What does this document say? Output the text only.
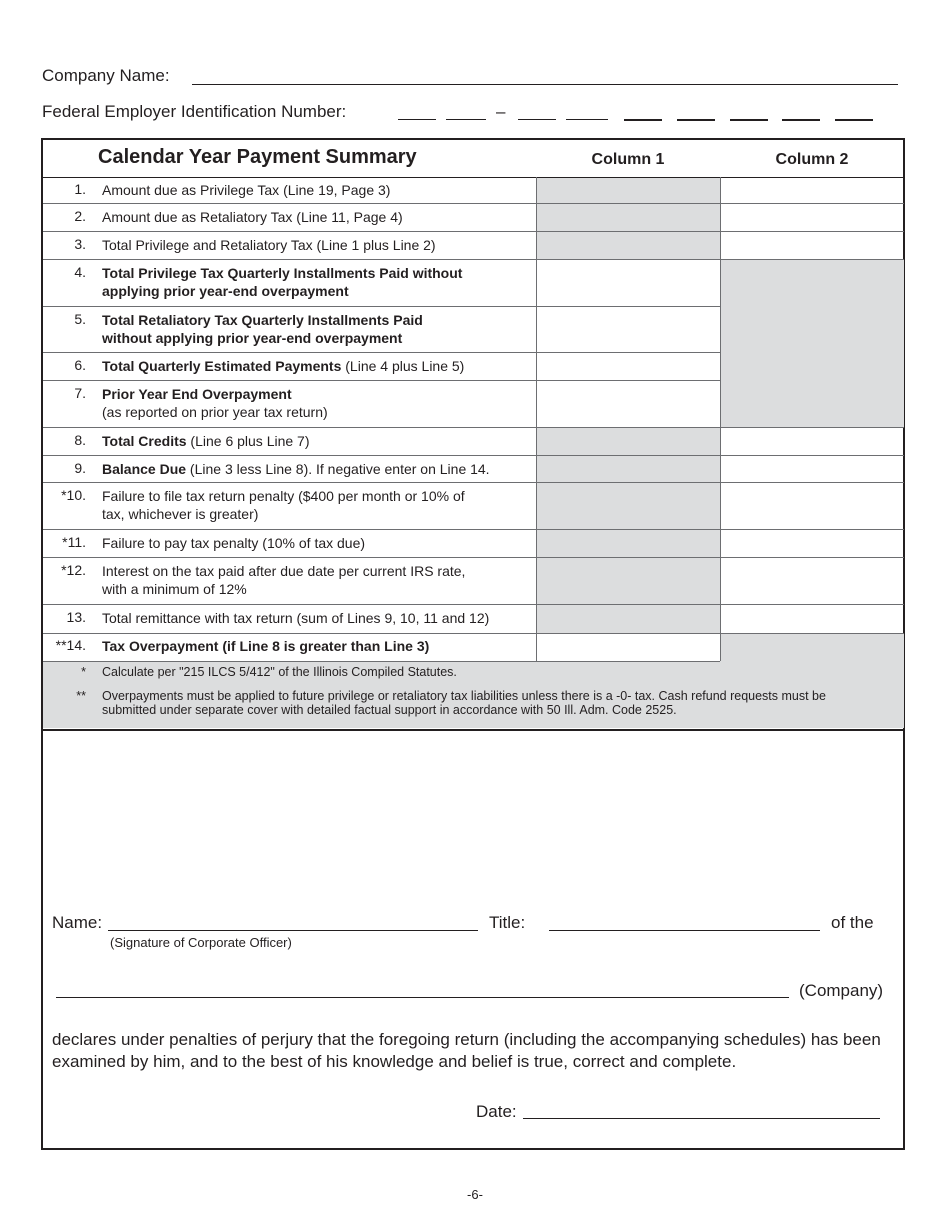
Company Name:
Federal Employer Identification Number:	–
Calendar Year Payment Summary	Column 1	Column 2
1. Amount due as Privilege Tax (Line 19, Page 3)
2. Amount due as Retaliatory Tax (Line 11, Page 4)
3. Total Privilege and Retaliatory Tax (Line 1 plus Line 2)
4. Total Privilege Tax Quarterly Installments Paid without
applying prior year-end overpayment
5. Total Retaliatory Tax Quarterly Installments Paid
without applying prior year-end overpayment
6. Total Quarterly Estimated Payments (Line 4 plus Line 5)
7. Prior Year End Overpayment
(as reported on prior year tax return)
8. Total Credits (Line 6 plus Line 7)
9. Balance Due (Line 3 less Line 8). If negative enter on Line 14.
*10. Failure to file tax return penalty ($400 per month or 10% of
tax, whichever is greater)
*11. Failure to pay tax penalty (10% of tax due)
*12. Interest on the tax paid after due date per current IRS rate,
with a minimum of 12%
13. Total remittance with tax return (sum of Lines 9, 10, 11 and 12)
**14. Tax Overpayment (if Line 8 is greater than Line 3)
* Calculate per "215 ILCS 5/412" of the Illinois Compiled Statutes.
** Overpayments must be applied to future privilege or retaliatory tax liabilities unless there is a -0- tax. Cash refund requests must be submitted under separate cover with detailed factual support in accordance with 50 Ill. Adm. Code 2525.
Name:
(Signature of Corporate Officer)
Title:	of the
(Company)
declares under penalties of perjury that the foregoing return (including the accompanying schedules) has been examined by him, and to the best of his knowledge and belief is true, correct and complete.
Date:
-6-
